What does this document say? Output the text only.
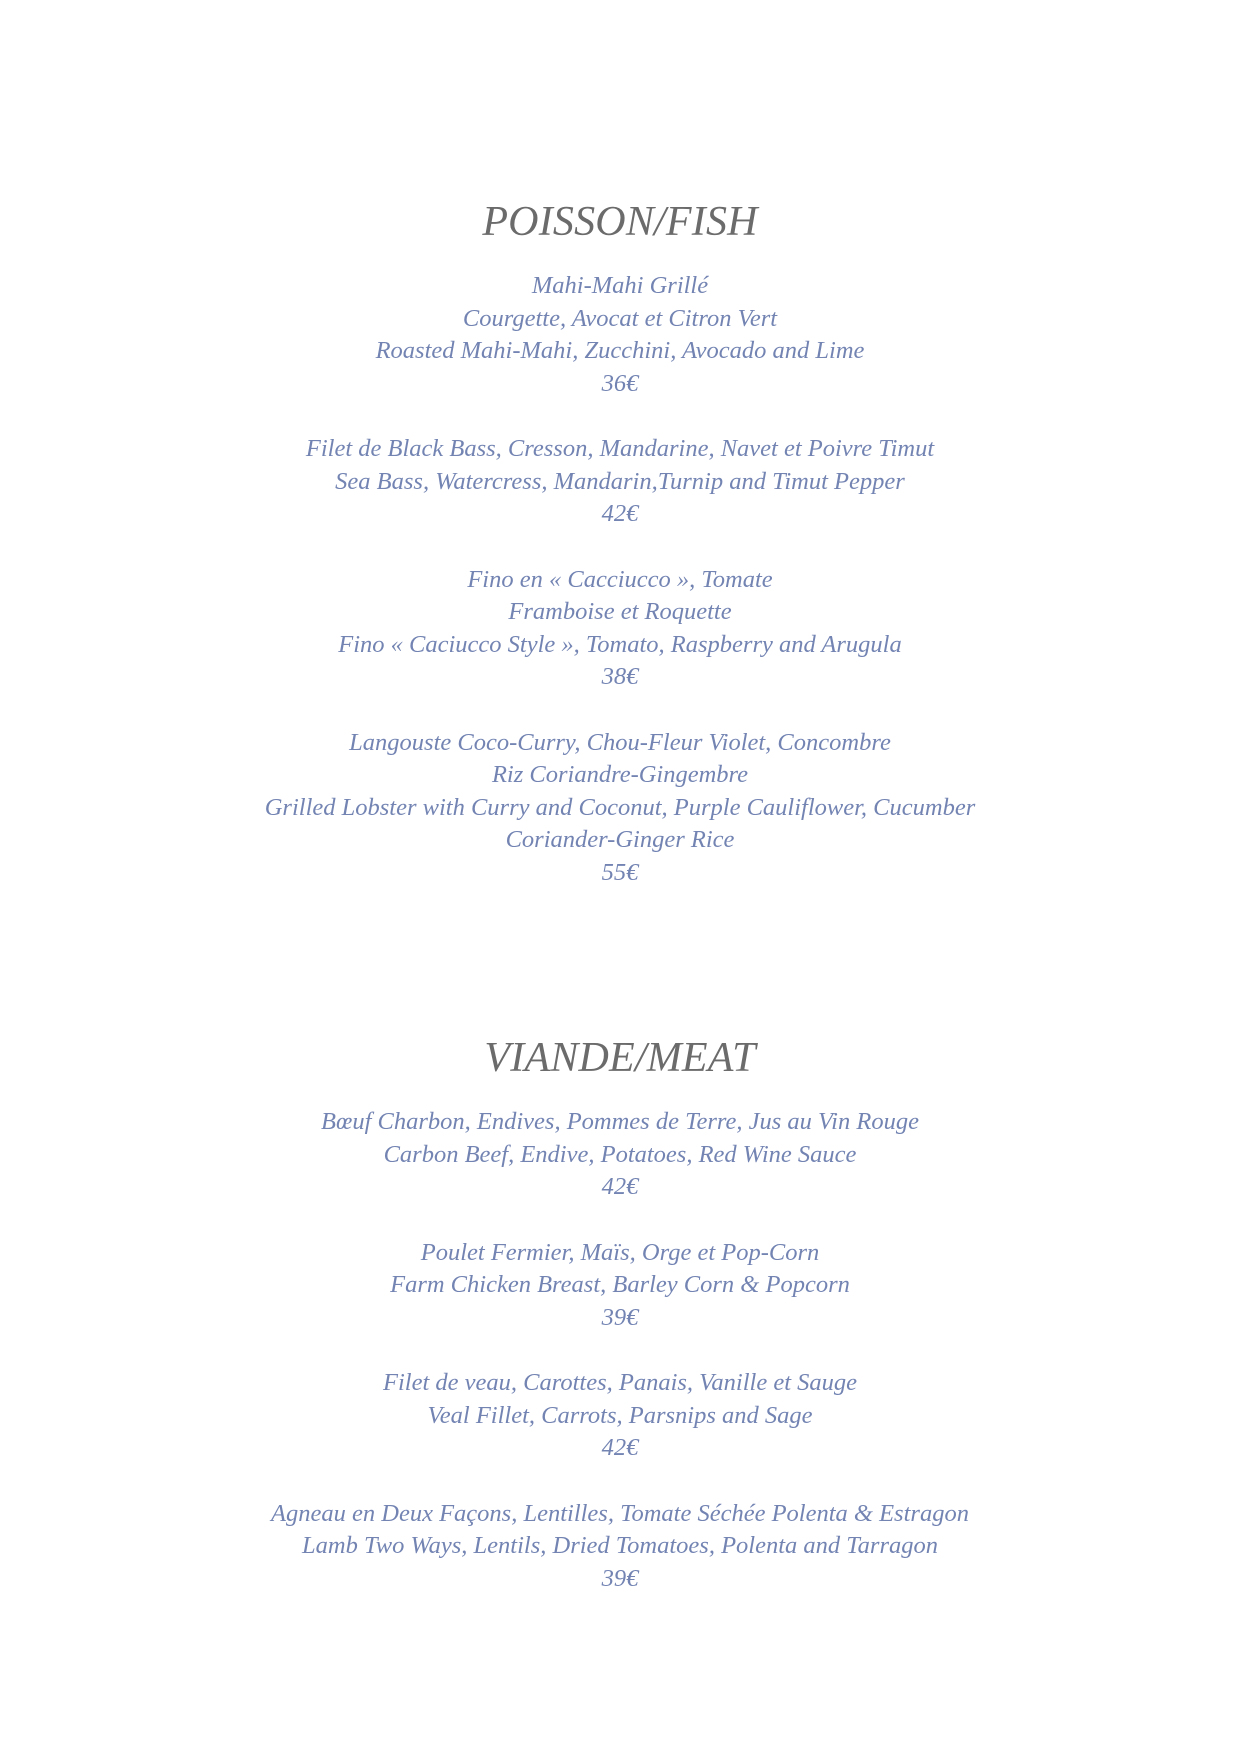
POISSON/FISH
Mahi-Mahi Grillé
Courgette, Avocat et Citron Vert
Roasted Mahi-Mahi, Zucchini, Avocado and Lime
36€
Filet de Black Bass, Cresson, Mandarine, Navet et Poivre Timut
Sea Bass, Watercress, Mandarin,Turnip and Timut Pepper
42€
Fino en « Cacciucco », Tomate
Framboise et Roquette
Fino « Caciucco Style », Tomato, Raspberry and Arugula
38€
Langouste Coco-Curry, Chou-Fleur Violet, Concombre
Riz Coriandre-Gingembre
Grilled Lobster with Curry and Coconut, Purple Cauliflower, Cucumber
Coriander-Ginger Rice
55€
VIANDE/MEAT
Bœuf Charbon, Endives, Pommes de Terre, Jus au Vin Rouge
Carbon Beef, Endive, Potatoes, Red Wine Sauce
42€
Poulet Fermier, Maïs, Orge et Pop-Corn
Farm Chicken Breast, Barley Corn & Popcorn
39€
Filet de veau, Carottes, Panais, Vanille et Sauge
Veal Fillet, Carrots, Parsnips and Sage
42€
Agneau en Deux Façons, Lentilles, Tomate Séchée Polenta & Estragon
Lamb Two Ways, Lentils, Dried Tomatoes, Polenta and Tarragon
39€
